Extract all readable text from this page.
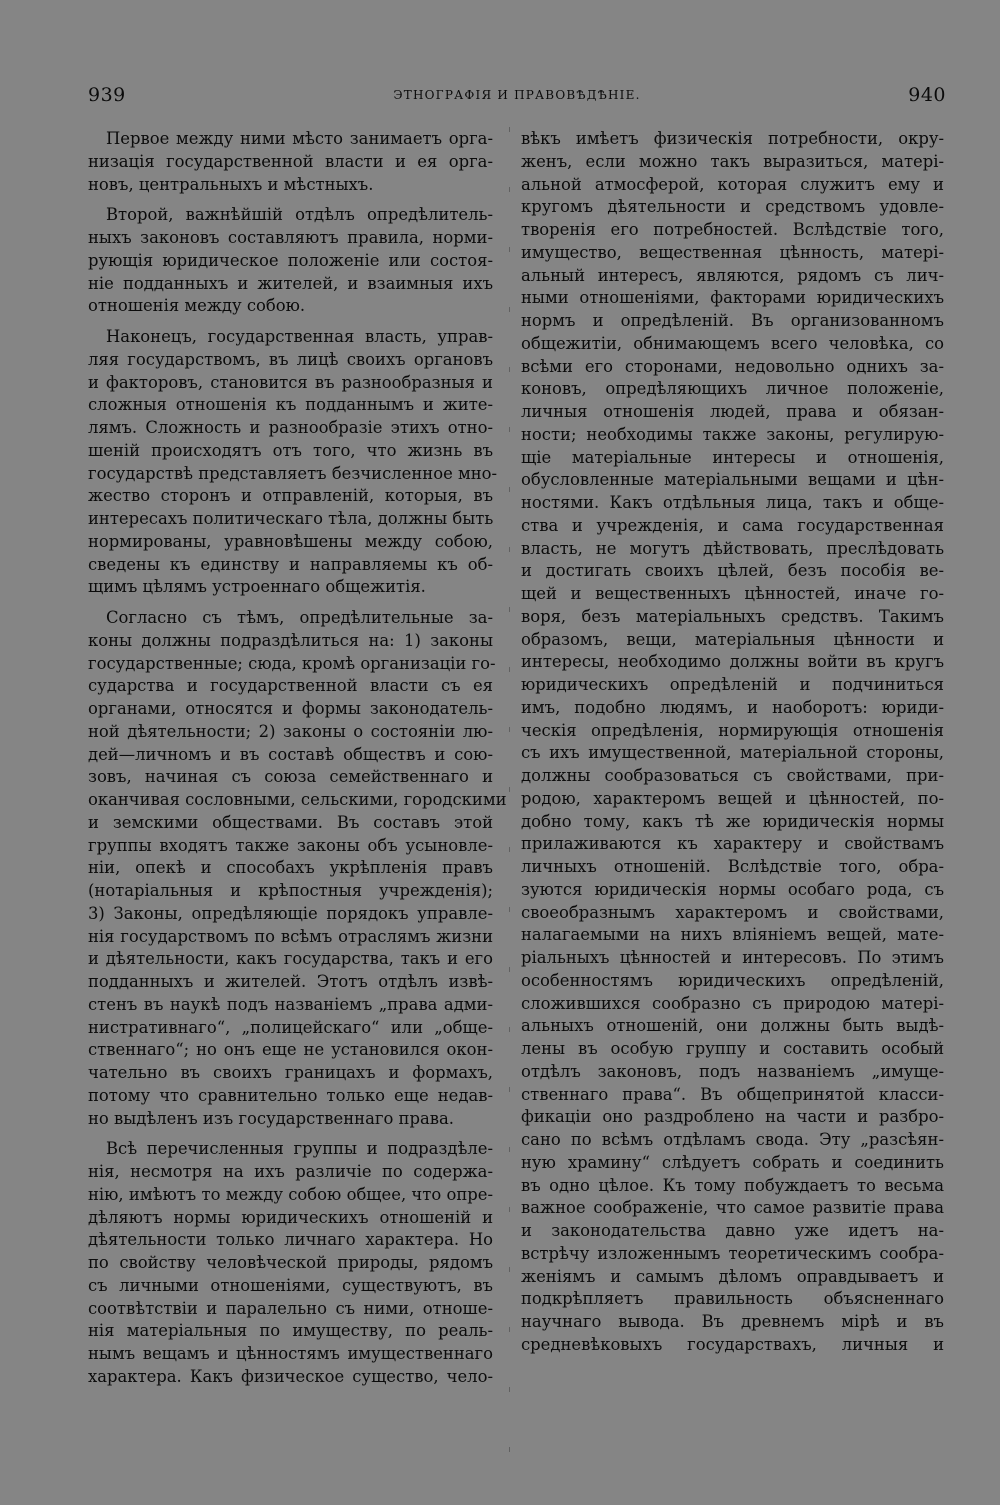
939	ЭТНОГРАФІЯ И ПРАВОВѢДѢНІЕ.	940
Первое между ними мѣсто занимаетъ орга-
низація государственной власти и ея орга-
новъ, центральныхъ и мѣстныхъ.
Второй, важнѣйшій отдѣлъ опредѣлитель-
ныхъ законовъ составляютъ правила, норми-
рующія юридическое положеніе или состоя-
ніе подданныхъ и жителей, и взаимныя ихъ
отношенія между собою.
Наконецъ, государственная власть, управ-
ляя государствомъ, въ лицѣ своихъ органовъ
и факторовъ, становится въ разнообразныя и
сложныя отношенія къ подданнымъ и жите-
лямъ. Сложность и разнообразіе этихъ отно-
шеній происходятъ отъ того, что жизнь въ
государствѣ представляетъ безчисленное мно-
жество сторонъ и отправленій, которыя, въ
интересахъ политическаго тѣла, должны быть
нормированы, уравновѣшены между собою,
сведены къ единству и направляемы къ об-
щимъ цѣлямъ устроеннаго общежитія.
Согласно съ тѣмъ, опредѣлительные за-
коны должны подраздѣлиться на: 1) законы
государственные; сюда, кромѣ организаціи го-
сударства и государственной власти съ ея
органами, относятся и формы законодатель-
ной дѣятельности; 2) законы о состояніи лю-
дей—личномъ и въ составѣ обществъ и сою-
зовъ, начиная съ союза семейственнаго и
оканчивая сословными, сельскими, городскими
и земскими обществами. Въ составъ этой
группы входятъ также законы объ усыновле-
ніи, опекѣ и способахъ укрѣпленія правъ
(нотаріальныя и крѣпостныя учрежденія);
3) Законы, опредѣляющіе порядокъ управле-
нія государствомъ по всѣмъ отраслямъ жизни
и дѣятельности, какъ государства, такъ и его
подданныхъ и жителей. Этотъ отдѣлъ извѣ-
стенъ въ наукѣ подъ названіемъ „права адми-
нистративнаго“, „полицейскаго“ или „обще-
ственнаго“; но онъ еще не установился окон-
чательно въ своихъ границахъ и формахъ,
потому что сравнительно только еще недав-
но выдѣленъ изъ государственнаго права.
Всѣ перечисленныя группы и подраздѣле-
нія, несмотря на ихъ различіе по содержа-
нію, имѣютъ то между собою общее, что опре-
дѣляютъ нормы юридическихъ отношеній и
дѣятельности только личнаго характера. Но
по свойству человѣческой природы, рядомъ
съ личными отношеніями, существуютъ, въ
соотвѣтствіи и паралельно съ ними, отноше-
нія матеріальныя по имуществу, по реаль-
нымъ вещамъ и цѣнностямъ имущественнаго
характера. Какъ физическое существо, чело-
вѣкъ имѣетъ физическія потребности, окру-
женъ, если можно такъ выразиться, матері-
альной атмосферой, которая служитъ ему и
кругомъ дѣятельности и средствомъ удовле-
творенія его потребностей. Вслѣдствіе того,
имущество, вещественная цѣнность, матері-
альный интересъ, являются, рядомъ съ лич-
ными отношеніями, факторами юридическихъ
нормъ и опредѣленій. Въ организованномъ
общежитіи, обнимающемъ всего человѣка, со
всѣми его сторонами, недовольно однихъ за-
коновъ, опредѣляющихъ личное положеніе,
личныя отношенія людей, права и обязан-
ности; необходимы также законы, регулирую-
щіе матеріальные интересы и отношенія,
обусловленные матеріальными вещами и цѣн-
ностями. Какъ отдѣльныя лица, такъ и обще-
ства и учрежденія, и сама государственная
власть, не могутъ дѣйствовать, преслѣдовать
и достигать своихъ цѣлей, безъ пособія ве-
щей и вещественныхъ цѣнностей, иначе го-
воря, безъ матеріальныхъ средствъ. Такимъ
образомъ, вещи, матеріальныя цѣнности и
интересы, необходимо должны войти въ кругъ
юридическихъ опредѣленій и подчиниться
имъ, подобно людямъ, и наоборотъ: юриди-
ческія опредѣленія, нормирующія отношенія
съ ихъ имущественной, матеріальной стороны,
должны сообразоваться съ свойствами, при-
родою, характеромъ вещей и цѣнностей, по-
добно тому, какъ тѣ же юридическія нормы
прилаживаются къ характеру и свойствамъ
личныхъ отношеній. Вслѣдствіе того, обра-
зуются юридическія нормы особаго рода, съ
своеобразнымъ характеромъ и свойствами,
налагаемыми на нихъ вліяніемъ вещей, мате-
ріальныхъ цѣнностей и интересовъ. По этимъ
особенностямъ юридическихъ опредѣленій,
сложившихся сообразно съ природою матері-
альныхъ отношеній, они должны быть выдѣ-
лены въ особую группу и составить особый
отдѣлъ законовъ, подъ названіемъ „имуще-
ственнаго права“. Въ общепринятой класси-
фикаціи оно раздроблено на части и разбро-
сано по всѣмъ отдѣламъ свода. Эту „разсѣян-
ную храмину“ слѣдуетъ собрать и соединить
въ одно цѣлое. Къ тому побуждаетъ то весьма
важное соображеніе, что самое развитіе права
и законодательства давно уже идетъ на-
встрѣчу изложеннымъ теоретическимъ сообра-
женіямъ и самымъ дѣломъ оправдываетъ и
подкрѣпляетъ правильность объясненнаго
научнаго вывода. Въ древнемъ мірѣ и въ
средневѣковыхъ государствахъ, личныя и
